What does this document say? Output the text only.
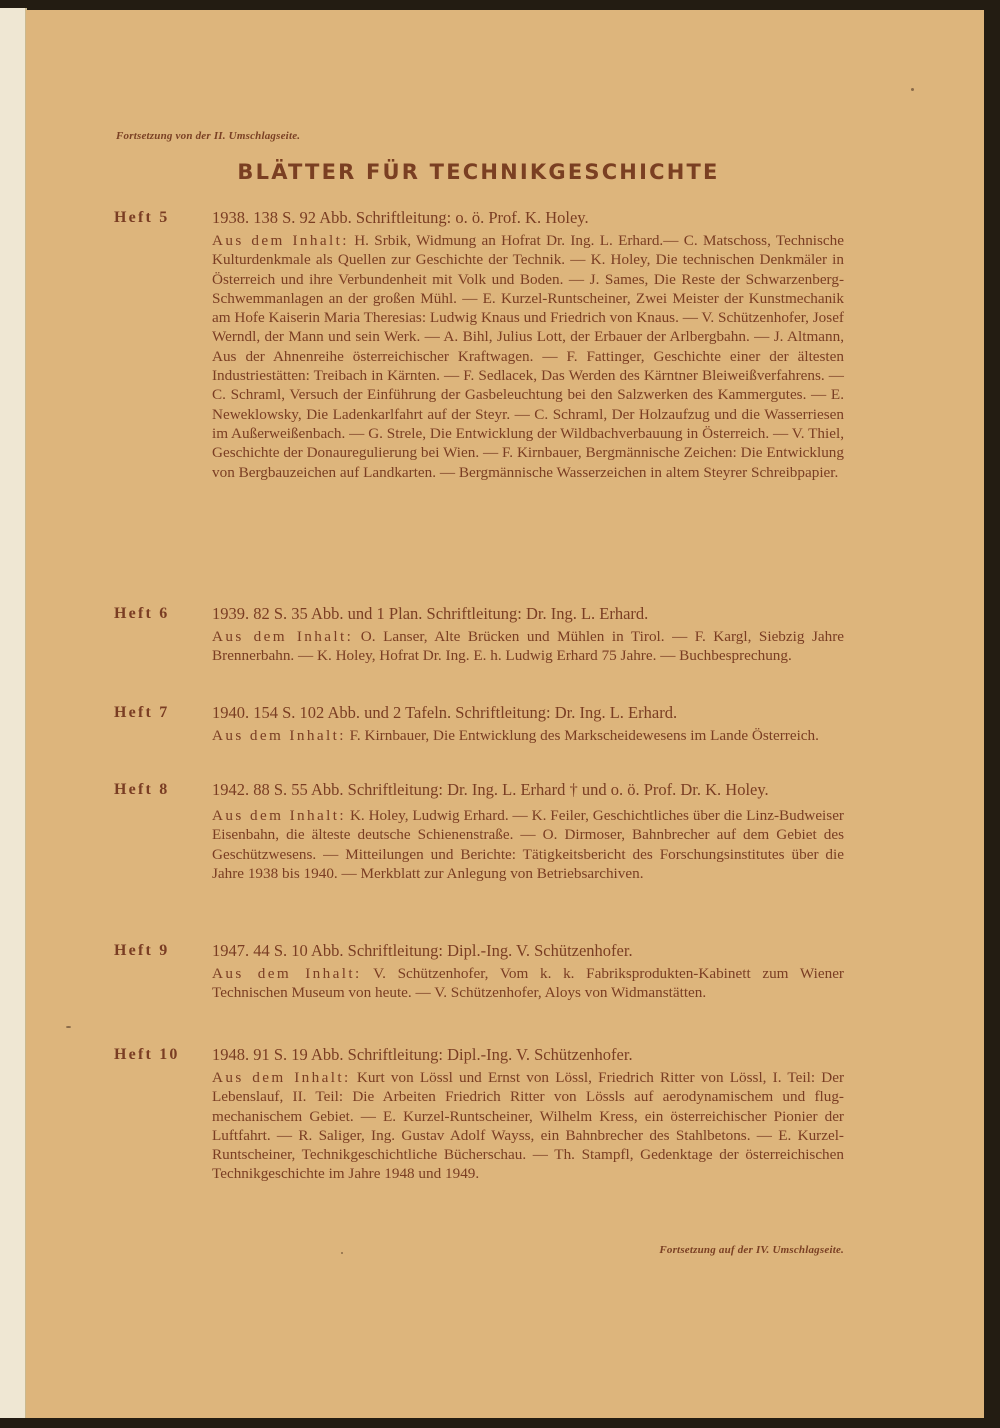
Fortsetzung von der II. Umschlagseite.
BLÄTTER FÜR TECHNIKGESCHICHTE
Heft 5	1938. 138 S. 92 Abb. Schriftleitung: o. ö. Prof. K. Holey.
Aus dem Inhalt: H. Srbik, Widmung an Hofrat Dr. Ing. L. Erhard.— C. Matschoss, Technische Kulturdenkmale als Quellen zur Geschichte der Technik. — K. Holey, Die technischen Denkmäler in Österreich und ihre Verbundenheit mit Volk und Boden. — J. Sames, Die Reste der Schwarzenberg-Schwemmanlagen an der großen Mühl. — E. Kurzel-Runtscheiner, Zwei Meister der Kunstmechanik am Hofe Kaiserin Maria Theresias: Ludwig Knaus und Friedrich von Knaus. — V. Schützenhofer, Josef Werndl, der Mann und sein Werk. — A. Bihl, Julius Lott, der Erbauer der Arlbergbahn. — J. Altmann, Aus der Ahnenreihe österreichischer Kraftwagen. — F. Fattinger, Geschichte einer der ältesten Industriestätten: Treibach in Kärnten. — F. Sedlacek, Das Werden des Kärntner Bleiweißverfahrens. — C. Schraml, Versuch der Einführung der Gasbeleuchtung bei den Salzwerken des Kammergutes. — E. Neweklowsky, Die Ladenkarlfahrt auf der Steyr. — C. Schraml, Der Holzaufzug und die Wasserriesen im Außerweißenbach. — G. Strele, Die Entwicklung der Wildbachverbauung in Österreich. — V. Thiel, Geschichte der Donauregulierung bei Wien. — F. Kirnbauer, Bergmännische Zeichen: Die Entwicklung von Bergbauzeichen auf Landkarten. — Bergmännische Wasserzeichen in altem Steyrer Schreibpapier.
Heft 6	1939. 82 S. 35 Abb. und 1 Plan. Schriftleitung: Dr. Ing. L. Erhard.
Aus dem Inhalt: O. Lanser, Alte Brücken und Mühlen in Tirol. — F. Kargl, Siebzig Jahre Brennerbahn. — K. Holey, Hofrat Dr. Ing. E. h. Ludwig Erhard 75 Jahre. — Buchbesprechung.
Heft 7	1940. 154 S. 102 Abb. und 2 Tafeln. Schriftleitung: Dr. Ing. L. Erhard.
Aus dem Inhalt: F. Kirnbauer, Die Entwicklung des Markscheidewesens im Lande Österreich.
Heft 8	1942. 88 S. 55 Abb. Schriftleitung: Dr. Ing. L. Erhard † und o. ö. Prof. Dr. K. Holey.
Aus dem Inhalt: K. Holey, Ludwig Erhard. — K. Feiler, Geschichtliches über die Linz-Budweiser Eisenbahn, die älteste deutsche Schienenstraße. — O. Dirmoser, Bahnbrecher auf dem Gebiet des Geschützwesens. — Mitteilungen und Berichte: Tätigkeitsbericht des Forschungsinstitutes über die Jahre 1938 bis 1940. — Merkblatt zur Anlegung von Betriebsarchiven.
Heft 9	1947. 44 S. 10 Abb. Schriftleitung: Dipl.-Ing. V. Schützenhofer.
Aus dem Inhalt: V. Schützenhofer, Vom k. k. Fabriksprodukten-Kabinett zum Wiener Technischen Museum von heute. — V. Schützenhofer, Aloys von Widmanstätten.
Heft 10	1948. 91 S. 19 Abb. Schriftleitung: Dipl.-Ing. V. Schützenhofer.
Aus dem Inhalt: Kurt von Lössl und Ernst von Lössl, Friedrich Ritter von Lössl, I. Teil: Der Lebenslauf, II. Teil: Die Arbeiten Friedrich Ritter von Lössls auf aerodynamischem und flug-mechanischem Gebiet. — E. Kurzel-Runtscheiner, Wilhelm Kress, ein österreichischer Pionier der Luftfahrt. — R. Saliger, Ing. Gustav Adolf Wayss, ein Bahnbrecher des Stahlbetons. — E. Kurzel-Runtscheiner, Technikgeschichtliche Bücherschau. — Th. Stampfl, Gedenktage der österreichischen Technikgeschichte im Jahre 1948 und 1949.
Fortsetzung auf der IV. Umschlagseite.
